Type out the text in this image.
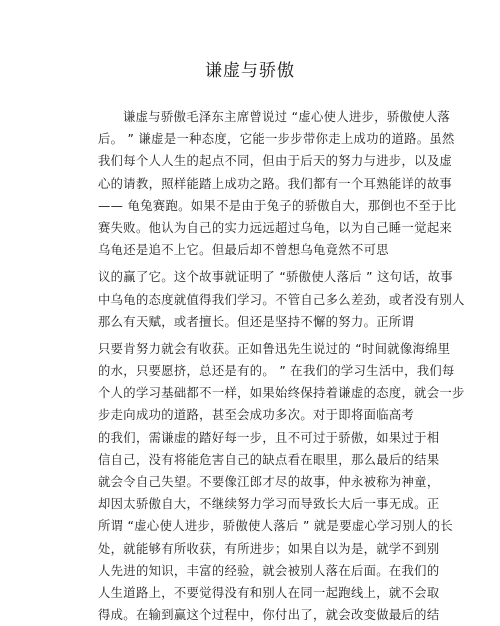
谦虚与骄傲
谦虚与骄傲毛泽东主席曾说过 “虚心使人进步，骄傲使人落
后。 ” 谦虚是一种态度，它能一步步带你走上成功的道路。虽然
我们每个人人生的起点不同，但由于后天的努力与进步，以及虚
心的请教，照样能踏上成功之路。我们都有一个耳熟能详的故事
—— 龟兔赛跑。如果不是由于兔子的骄傲自大，那倒也不至于比
赛失败。他认为自己的实力远远超过乌龟，以为自己睡一觉起来
乌龟还是追不上它。但最后却不曾想乌龟竟然不可思
议的赢了它。这个故事就证明了 “骄傲使人落后 ” 这句话，故事
中乌龟的态度就值得我们学习。不管自己多么差劲，或者没有别人
那么有天赋，或者擅长。但还是坚持不懈的努力。正所谓
只要肯努力就会有收获。正如鲁迅先生说过的 “时间就像海绵里
的水，只要愿挤，总还是有的。 ” 在我们的学习生活中，我们每
个人的学习基础都不一样，如果始终保持着谦虚的态度，就会一步
步走向成功的道路，甚至会成功多次。对于即将面临高考
的我们，需谦虚的踏好每一步，且不可过于骄傲，如果过于相
信自己，没有将能危害自己的缺点看在眼里，那么最后的结果
就会令自己失望。不要像江郎才尽的故事，仲永被称为神童，
却因太骄傲自大，不继续努力学习而导致长大后一事无成。正
所谓 “虚心使人进步，骄傲使人落后 ” 就是要虚心学习别人的长
处，就能够有所收获，有所进步；如果自以为是，就学不到别
人先进的知识，丰富的经验，就会被别人落在后面。在我们的
人生道路上，不要觉得没有和别人在同一起跑线上，就不会取
得成。在输到赢这个过程中，你付出了，就会改变做最后的结
